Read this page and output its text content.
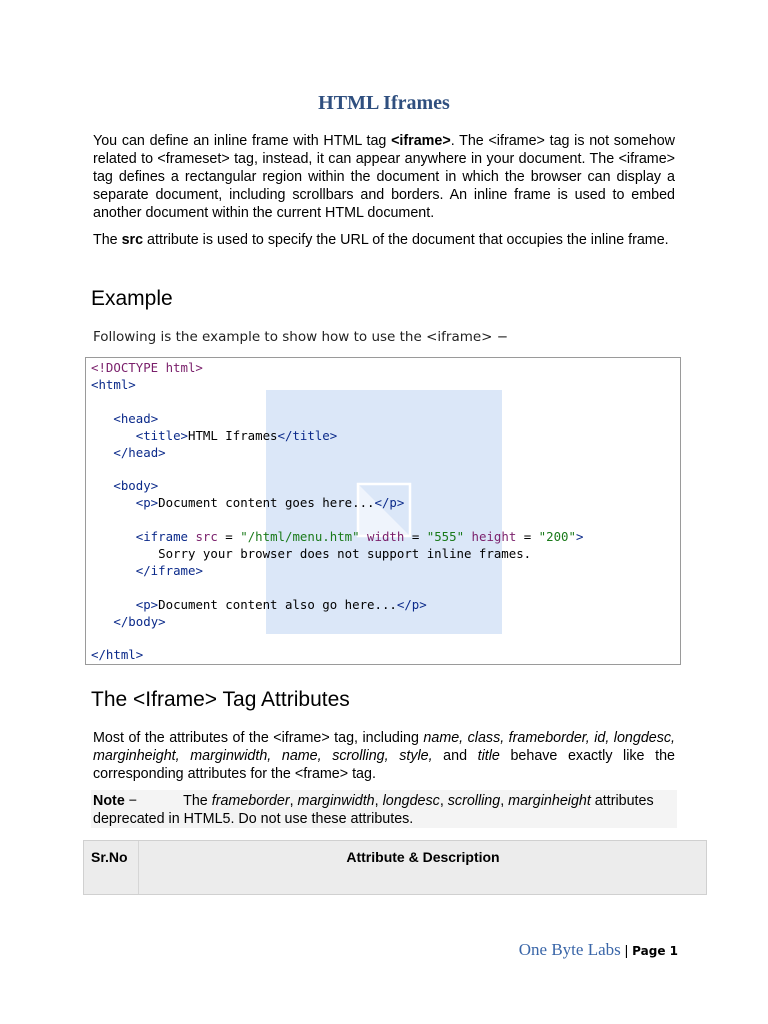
HTML Iframes
You can define an inline frame with HTML tag <iframe>. The <iframe> tag is not somehow related to <frameset> tag, instead, it can appear anywhere in your document. The <iframe> tag defines a rectangular region within the document in which the browser can display a separate document, including scrollbars and borders. An inline frame is used to embed another document within the current HTML document.
The src attribute is used to specify the URL of the document that occupies the inline frame.
Example
Following is the example to show how to use the <iframe> −
<!DOCTYPE html>
<html>

<head>
<title>HTML Iframes</title>
</head>

<body>
<p>Document content goes here...</p>

<iframe src = "/html/menu.htm" width = "555" height = "200">
Sorry your browser does not support inline frames.
</iframe>

<p>Document content also go here...</p>
</body>

</html>
The <Iframe> Tag Attributes
Most of the attributes of the <iframe> tag, including name, class, frameborder, id, longdesc, marginheight, marginwidth, name, scrolling, style, and title behave exactly like the corresponding attributes for the <frame> tag.
Note −	The frameborder, marginwidth, longdesc, scrolling, marginheight attributes deprecated in HTML5. Do not use these attributes.
Sr.No	Attribute & Description
One Byte Labs | Page 1
